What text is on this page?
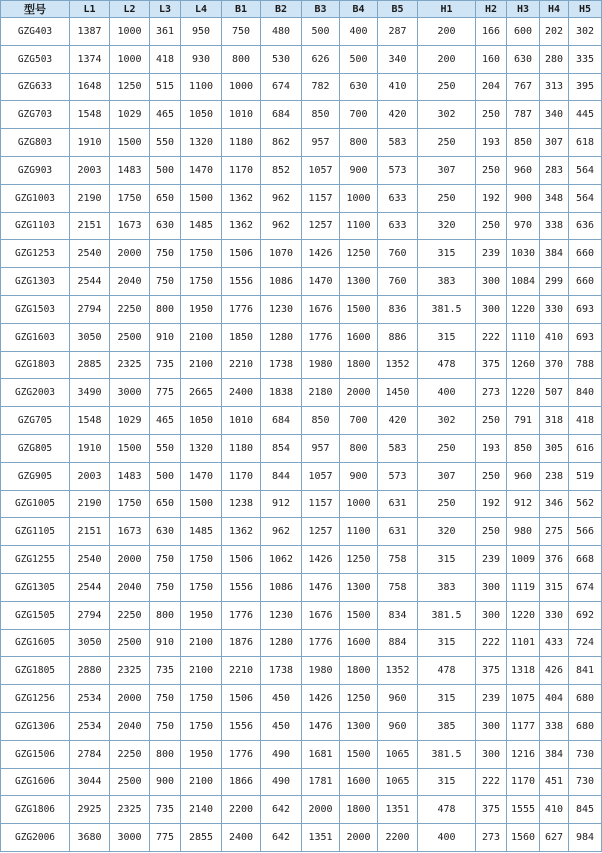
型号	L1	L2	L3	L4	B1	B2	B3	B4	B5	H1	H2	H3	H4	H5
GZG403	1387	1000	361	950	750	480	500	400	287	200	166	600	202	302
GZG503	1374	1000	418	930	800	530	626	500	340	200	160	630	280	335
GZG633	1648	1250	515	1100	1000	674	782	630	410	250	204	767	313	395
GZG703	1548	1029	465	1050	1010	684	850	700	420	302	250	787	340	445
GZG803	1910	1500	550	1320	1180	862	957	800	583	250	193	850	307	618
GZG903	2003	1483	500	1470	1170	852	1057	900	573	307	250	960	283	564
GZG1003	2190	1750	650	1500	1362	962	1157	1000	633	250	192	900	348	564
GZG1103	2151	1673	630	1485	1362	962	1257	1100	633	320	250	970	338	636
GZG1253	2540	2000	750	1750	1506	1070	1426	1250	760	315	239	1030	384	660
GZG1303	2544	2040	750	1750	1556	1086	1470	1300	760	383	300	1084	299	660
GZG1503	2794	2250	800	1950	1776	1230	1676	1500	836	381.5	300	1220	330	693
GZG1603	3050	2500	910	2100	1850	1280	1776	1600	886	315	222	1110	410	693
GZG1803	2885	2325	735	2100	2210	1738	1980	1800	1352	478	375	1260	370	788
GZG2003	3490	3000	775	2665	2400	1838	2180	2000	1450	400	273	1220	507	840
GZG705	1548	1029	465	1050	1010	684	850	700	420	302	250	791	318	418
GZG805	1910	1500	550	1320	1180	854	957	800	583	250	193	850	305	616
GZG905	2003	1483	500	1470	1170	844	1057	900	573	307	250	960	238	519
GZG1005	2190	1750	650	1500	1238	912	1157	1000	631	250	192	912	346	562
GZG1105	2151	1673	630	1485	1362	962	1257	1100	631	320	250	980	275	566
GZG1255	2540	2000	750	1750	1506	1062	1426	1250	758	315	239	1009	376	668
GZG1305	2544	2040	750	1750	1556	1086	1476	1300	758	383	300	1119	315	674
GZG1505	2794	2250	800	1950	1776	1230	1676	1500	834	381.5	300	1220	330	692
GZG1605	3050	2500	910	2100	1876	1280	1776	1600	884	315	222	1101	433	724
GZG1805	2880	2325	735	2100	2210	1738	1980	1800	1352	478	375	1318	426	841
GZG1256	2534	2000	750	1750	1506	450	1426	1250	960	315	239	1075	404	680
GZG1306	2534	2040	750	1750	1556	450	1476	1300	960	385	300	1177	338	680
GZG1506	2784	2250	800	1950	1776	490	1681	1500	1065	381.5	300	1216	384	730
GZG1606	3044	2500	900	2100	1866	490	1781	1600	1065	315	222	1170	451	730
GZG1806	2925	2325	735	2140	2200	642	2000	1800	1351	478	375	1555	410	845
GZG2006	3680	3000	775	2855	2400	642	1351	2000	2200	400	273	1560	627	984
